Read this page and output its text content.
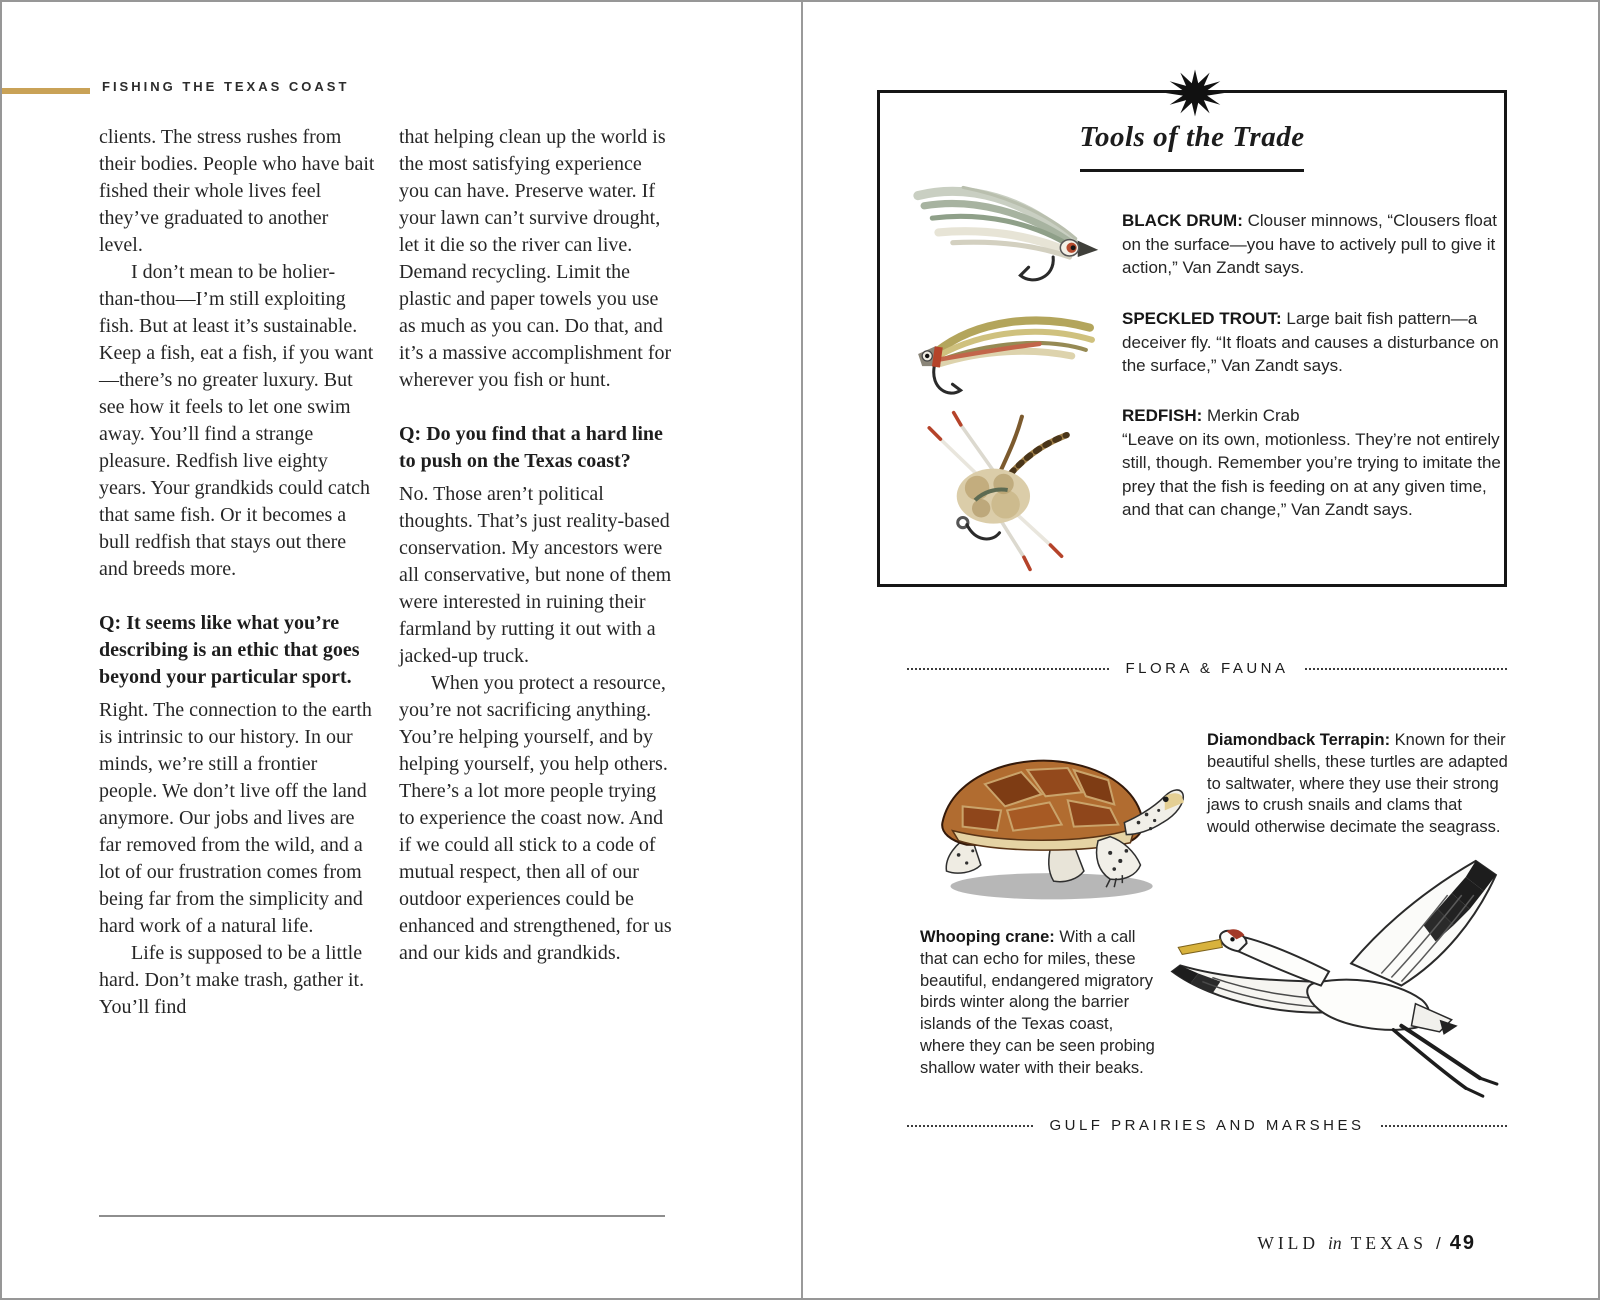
FISHING THE TEXAS COAST

clients. The stress rushes from their bodies. People who have bait fished their whole lives feel they’ve graduated to another level.

I don’t mean to be holier-than-thou—I’m still exploiting fish. But at least it’s sustainable. Keep a fish, eat a fish, if you want—there’s no greater luxury. But see how it feels to let one swim away. You’ll find a strange pleasure. Redfish live eighty years. Your grandkids could catch that same fish. Or it becomes a bull redfish that stays out there and breeds more.

Q: It seems like what you’re describing is an ethic that goes beyond your particular sport.

Right. The connection to the earth is intrinsic to our history. In our minds, we’re still a frontier people. We don’t live off the land anymore. Our jobs and lives are far removed from the wild, and a lot of our frustration comes from being far from the simplicity and hard work of a natural life.

Life is supposed to be a little hard. Don’t make trash, gather it. You’ll find

that helping clean up the world is the most satisfying experience you can have. Preserve water. If your lawn can’t survive drought, let it die so the river can live. Demand recycling. Limit the plastic and paper towels you use as much as you can. Do that, and it’s a massive accomplishment for wherever you fish or hunt.

Q: Do you find that a hard line to push on the Texas coast?

No. Those aren’t political thoughts. That’s just reality-based conservation. My ancestors were all conservative, but none of them were interested in ruining their farmland by rutting it out with a jacked-up truck.

When you protect a resource, you’re not sacrificing anything. You’re helping yourself, and by helping yourself, you help others. There’s a lot more people trying to experience the coast now. And if we could all stick to a code of mutual respect, then all of our outdoor experiences could be enhanced and strengthened, for us and our kids and grandkids.

Tools of the Trade

BLACK DRUM: Clouser minnows, “Clousers float on the surface—you have to actively pull to give it action,” Van Zandt says.

SPECKLED TROUT: Large bait fish pattern—a deceiver fly. “It floats and causes a disturbance on the surface,” Van Zandt says.

REDFISH: Merkin Crab

“Leave on its own, motionless. They’re not entirely still, though. Remember you’re trying to imitate the prey that the fish is feeding on at any given time, and that can change,” Van Zandt says.

FLORA & FAUNA
Diamondback Terrapin: Known for their beautiful shells, these turtles are adapted to saltwater, where they use their strong jaws to crush snails and clams that would otherwise decimate the seagrass.
Whooping crane: With a call that can echo for miles, these beautiful, endangered migratory birds winter along the barrier islands of the Texas coast, where they can be seen probing shallow water with their beaks.
GULF PRAIRIES AND MARSHES
WILD in TEXAS / 49
